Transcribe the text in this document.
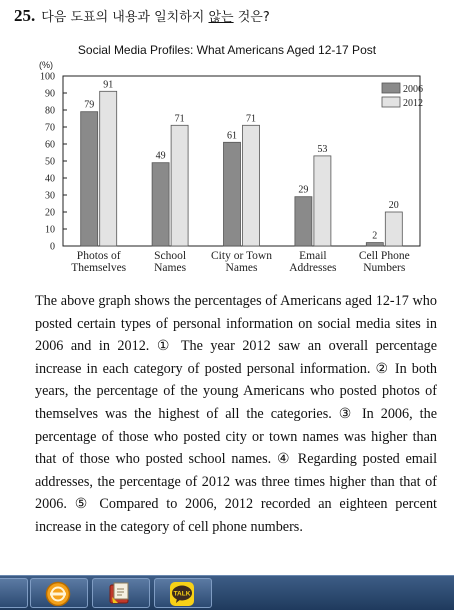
25. 다음 도표의 내용과 일치하지 않는 것은?
Social Media Profiles: What Americans Aged 12-17 Post
(%)
0
10
20
30
40
50
60
70
80
90
100
79
91
Photos of
Themselves
49
71
School
Names
61
71
City or Town
Names
29
53
Email
Addresses
2
20
Cell Phone
Numbers
2006
2012
The above graph shows the percentages of Americans aged 12-17 who posted certain types of personal information on social media sites in 2006 and in 2012. ① The year 2012 saw an overall percentage increase in each category of posted personal information. ② In both years, the percentage of the young Americans who posted photos of themselves was the highest of all the categories. ③ In 2006, the percentage of those who posted city or town names was higher than that of those who posted school names. ④ Regarding posted email addresses, the percentage of 2012 was three times higher than that of 2006. ⑤ Compared to 2006, 2012 recorded an eighteen percent increase in the category of cell phone numbers.
TALK
